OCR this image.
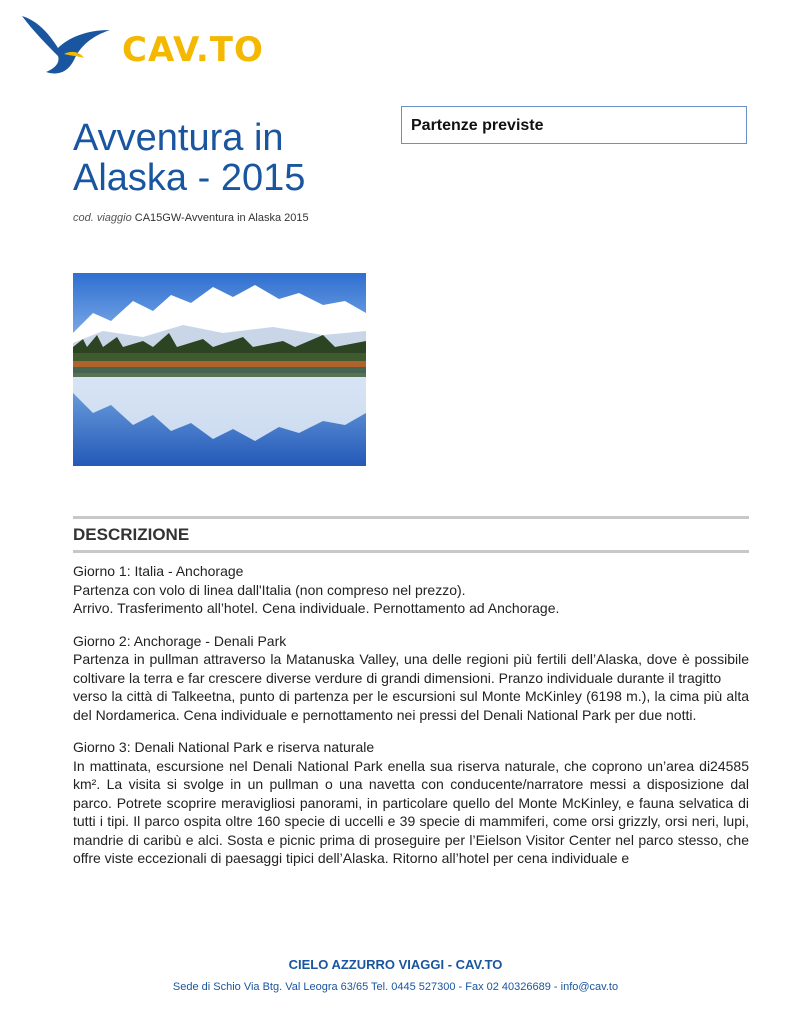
CAV.TO
Avventura in Alaska - 2015
cod. viaggio CA15GW-Avventura in Alaska 2015
Partenze previste
DESCRIZIONE

Giorno 1: Italia - Anchorage

Partenza con volo di linea dall'Italia (non compreso nel prezzo).

Arrivo. Trasferimento all’hotel. Cena individuale. Pernottamento ad Anchorage.

Giorno 2: Anchorage - Denali Park

Partenza in pullman attraverso la Matanuska Valley, una delle regioni più fertili dell’Alaska, dove è possibile coltivare la terra e far crescere diverse verdure di grandi dimensioni. Pranzo individuale durante il tragitto

verso la città di Talkeetna, punto di partenza per le escursioni sul Monte McKinley (6198 m.), la cima più alta del Nordamerica. Cena individuale e pernottamento nei pressi del Denali National Park per due notti.

Giorno 3: Denali National Park e riserva naturale

In mattinata, escursione nel Denali National Park enella sua riserva naturale, che coprono un’area di24585 km². La visita si svolge in un pullman o una navetta con conducente/narratore messi a disposizione dal parco. Potrete scoprire meravigliosi panorami, in particolare quello del Monte McKinley, e fauna selvatica di tutti i tipi. Il parco ospita oltre 160 specie di uccelli e 39 specie di mammiferi, come orsi grizzly, orsi neri, lupi, mandrie di caribù e alci. Sosta e picnic prima di proseguire per l’Eielson Visitor Center nel parco stesso, che offre viste eccezionali di paesaggi tipici dell’Alaska. Ritorno all’hotel per cena individuale e

CIELO AZZURRO VIAGGI - CAV.TO
Sede di Schio Via Btg. Val Leogra 63/65 Tel. 0445 527300 - Fax 02 40326689 - info@cav.to
